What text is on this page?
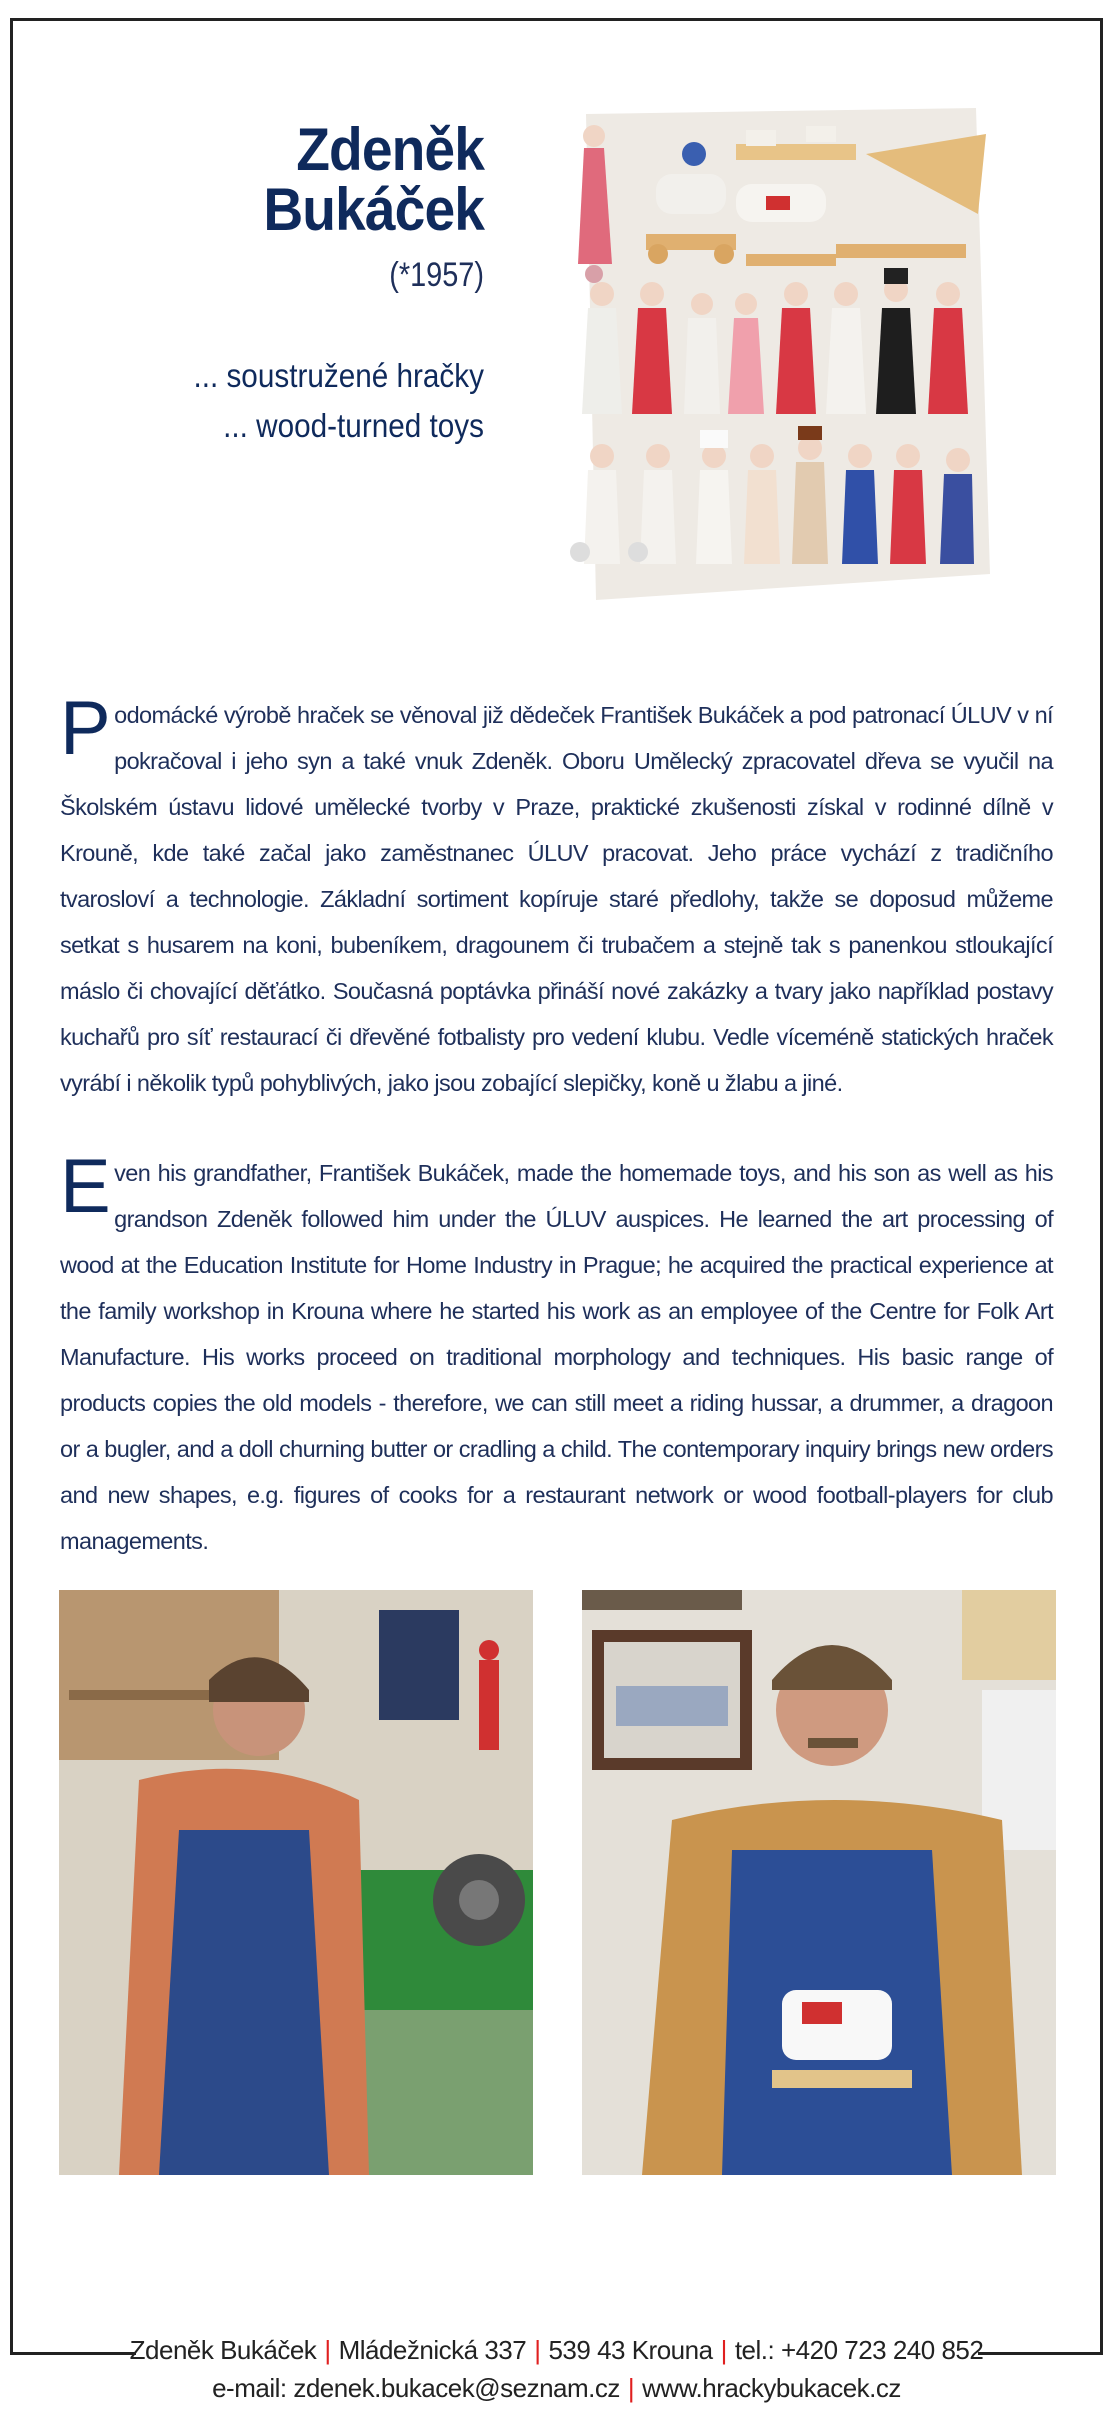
Zdeněk Bukáček
(*1957)
... soustružené hračky
... wood-turned toys
P odomácké výrobě hraček se věnoval již dědeček František Bukáček a pod patronací ÚLUV v ní pokračoval i jeho syn a také vnuk Zdeněk. Oboru Umělecký zpracovatel dřeva se vyučil na Školském ústavu lidové umělecké tvorby v Praze, praktické zkušenosti získal v rodinné dílně v Krouně, kde také začal jako zaměstnanec ÚLUV pracovat. Jeho práce vychází z tradičního tvarosloví a technologie. Základní sortiment kopíruje staré předlohy, takže se doposud můžeme setkat s husarem na koni, bubeníkem, dragounem či trubačem a stejně tak s panenkou stloukající máslo či chovající děťátko. Současná poptávka přináší nové zakázky a tvary jako například postavy kuchařů pro síť restaurací či dřevěné fotbalisty pro vedení klubu. Vedle víceméně statických hraček vyrábí i několik typů pohyblivých, jako jsou zobající slepičky, koně u žlabu a jiné.
E ven his grandfather, František Bukáček, made the homemade toys, and his son as well as his grandson Zdeněk followed him under the ÚLUV auspices. He learned the art processing of wood at the Education Institute for Home Industry in Prague; he acquired the practical experience at the family workshop in Krouna where he started his work as an employee of the Centre for Folk Art Manufacture. His works proceed on traditional morphology and techniques. His basic range of products copies the old models - therefore, we can still meet a riding hussar, a drummer, a dragoon or a bugler, and a doll churning butter or cradling a child. The contemporary inquiry brings new orders and new shapes, e.g. figures of cooks for a restaurant network or wood football-players for club managements.
Zdeněk Bukáček | Mládežnická 337 | 539 43 Krouna | tel.: +420 723 240 852
e-mail: zdenek.bukacek@seznam.cz | www.hrackybukacek.cz
